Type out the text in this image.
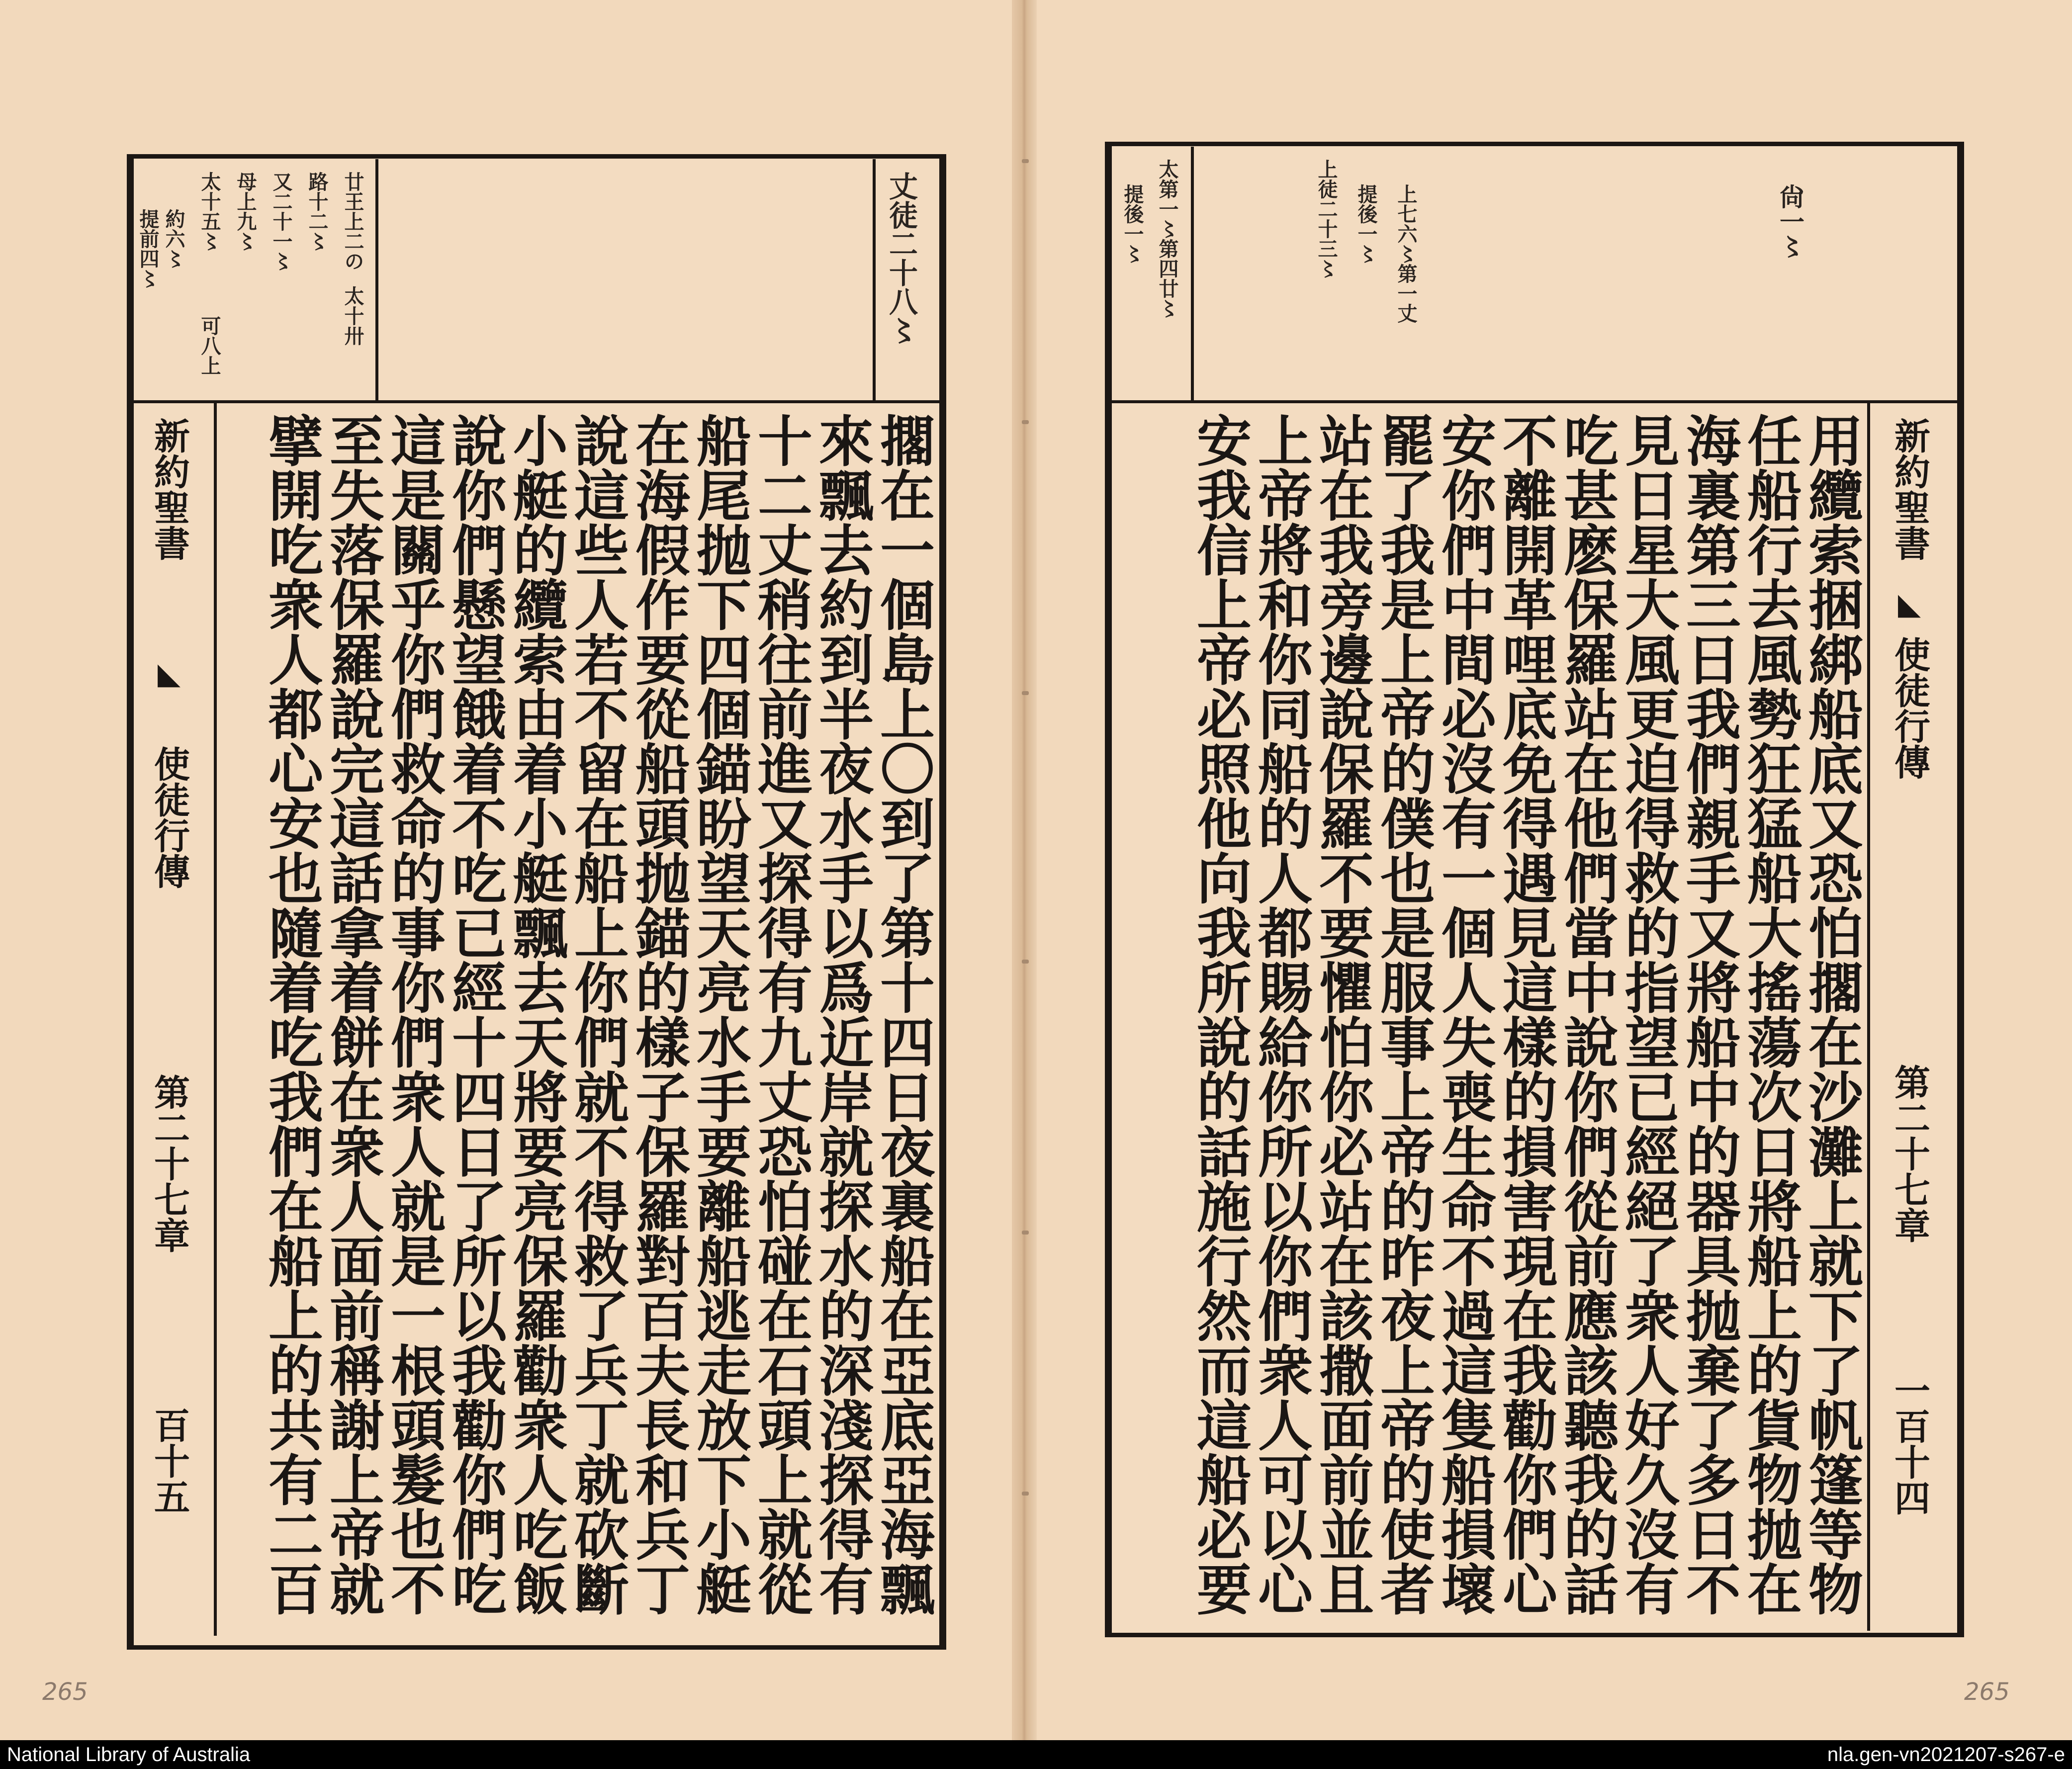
廿王上二の
太十卅
路十二〻
又二十一〻
母上九〻
太十五〻
可八上
約六〻
提前四〻	丈徒二十八〻
新約聖書
◣
使徒行傳
第二十七章
百十五	擱在一個島上〇到了第十四日夜裏船在亞底亞海飄
來飄去約到半夜水手以爲近岸就探水的深淺探得有
十二丈稍往前進又探得有九丈恐怕碰在石頭上就從
船尾抛下四個錨盼望天亮水手要離船逃走放下小艇
在海假作要從船頭抛錨的樣子保羅對百夫長和兵丁
說這些人若不留在船上你們就不得救了兵丁就砍斷
小艇的纜索由着小艇飄去天將要亮保羅勸衆人吃飯
說你們懸望餓着不吃已經十四日了所以我勸你們吃
這是關乎你們救命的事你們衆人就是一根頭髮也不
至失落保羅說完這話拿着餅在衆人面前稱謝上帝就
擘開吃衆人都心安也隨着吃我們在船上的共有二百
265
上七六〻第一丈
提後一〻
上徒二十三〻
太第一〻第四廿〻
提後一〻	尙一〻
新約聖書
◣
使徒行傳
第二十七章
一百十四
用纜索捆綁船底又恐怕擱在沙灘上就下了帆篷等物
任船行去風勢狂猛船大搖蕩次日將船上的貨物抛在
海裏第三日我們親手又將船中的器具抛棄了多日不
見日星大風更迫得救的指望已經絕了衆人好久沒有
吃甚麽保羅站在他們當中說你們從前應該聽我的話
不離開革哩底免得遇見這樣的損害現在我勸你們心
安你們中間必沒有一個人失喪生命不過這隻船損壞
罷了我是上帝的僕也是服事上帝的昨夜上帝的使者
站在我旁邊說保羅不要懼怕你必站在該撒面前並且
上帝將和你同船的人都賜給你所以你們衆人可以心
安我信上帝必照他向我所說的話施行然而這船必要
265
National Library of Australia	nla.gen-vn2021207-s267-e
